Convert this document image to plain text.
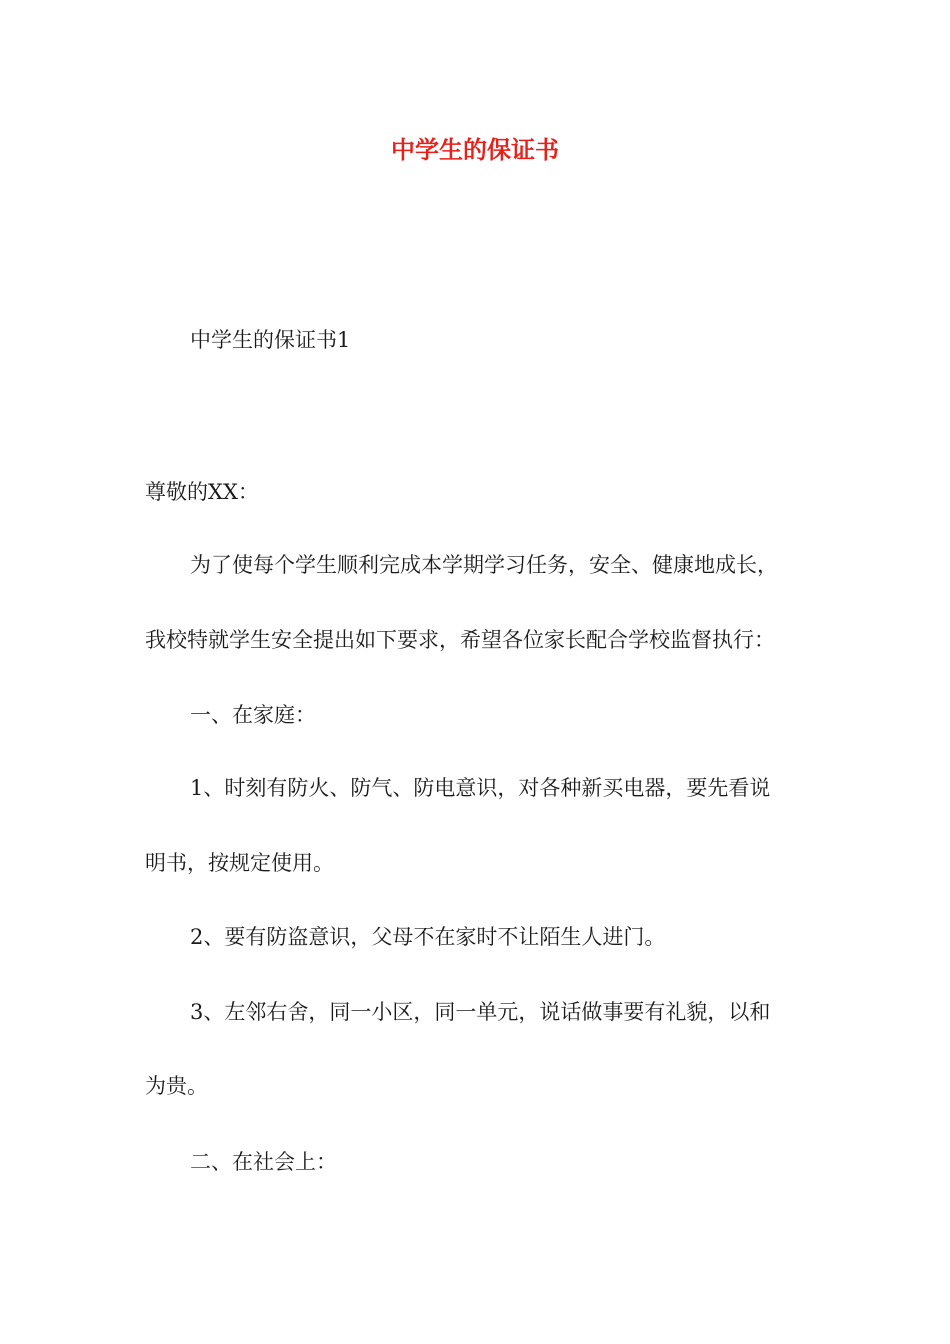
中学生的保证书
中学生的保证书1
尊敬的XX：
为了使每个学生顺利完成本学期学习任务，安全、健康地成长，
我校特就学生安全提出如下要求，希望各位家长配合学校监督执行：
一、在家庭：
1、时刻有防火、防气、防电意识，对各种新买电器，要先看说
明书，按规定使用。
2、要有防盗意识，父母不在家时不让陌生人进门。
3、左邻右舍，同一小区，同一单元，说话做事要有礼貌，以和
为贵。
二、在社会上：
